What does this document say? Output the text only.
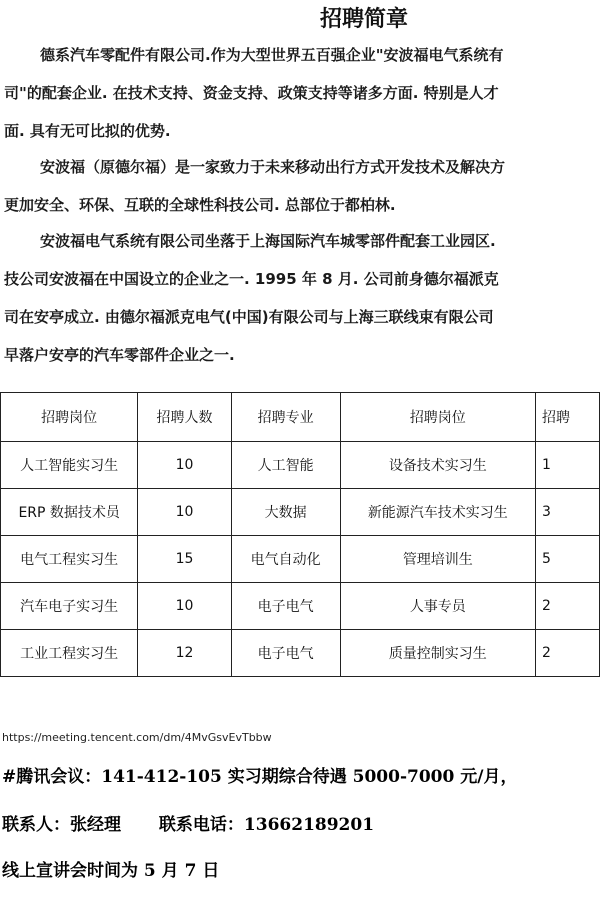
招聘简章
德系汽车零配件有限公司.作为大型世界五百强企业"安波福电气系统有
司"的配套企业. 在技术支持、资金支持、政策支持等诸多方面. 特别是人才
面. 具有无可比拟的优势.
安波福（原德尔福）是一家致力于未来移动出行方式开发技术及解决方
更加安全、环保、互联的全球性科技公司. 总部位于都柏林.
安波福电气系统有限公司坐落于上海国际汽车城零部件配套工业园区.
技公司安波福在中国设立的企业之一. 1995 年 8 月. 公司前身德尔福派克
司在安亭成立. 由德尔福派克电气(中国)有限公司与上海三联线束有限公司
早落户安亭的汽车零部件企业之一.
招聘岗位	招聘人数	招聘专业	招聘岗位	招聘
人工智能实习生	10	人工智能	设备技术实习生	1
ERP 数据技术员	10	大数据	新能源汽车技术实习生	3
电气工程实习生	15	电气自动化	管理培训生	5
汽车电子实习生	10	电子电气	人事专员	2
工业工程实习生	12	电子电气	质量控制实习生	2
https://meeting.tencent.com/dm/4MvGsvEvTbbw
#腾讯会议：141-412-105 实习期综合待遇 5000-7000 元/月，
联系人：张经理 联系电话：13662189201
线上宣讲会时间为 5 月 7 日
